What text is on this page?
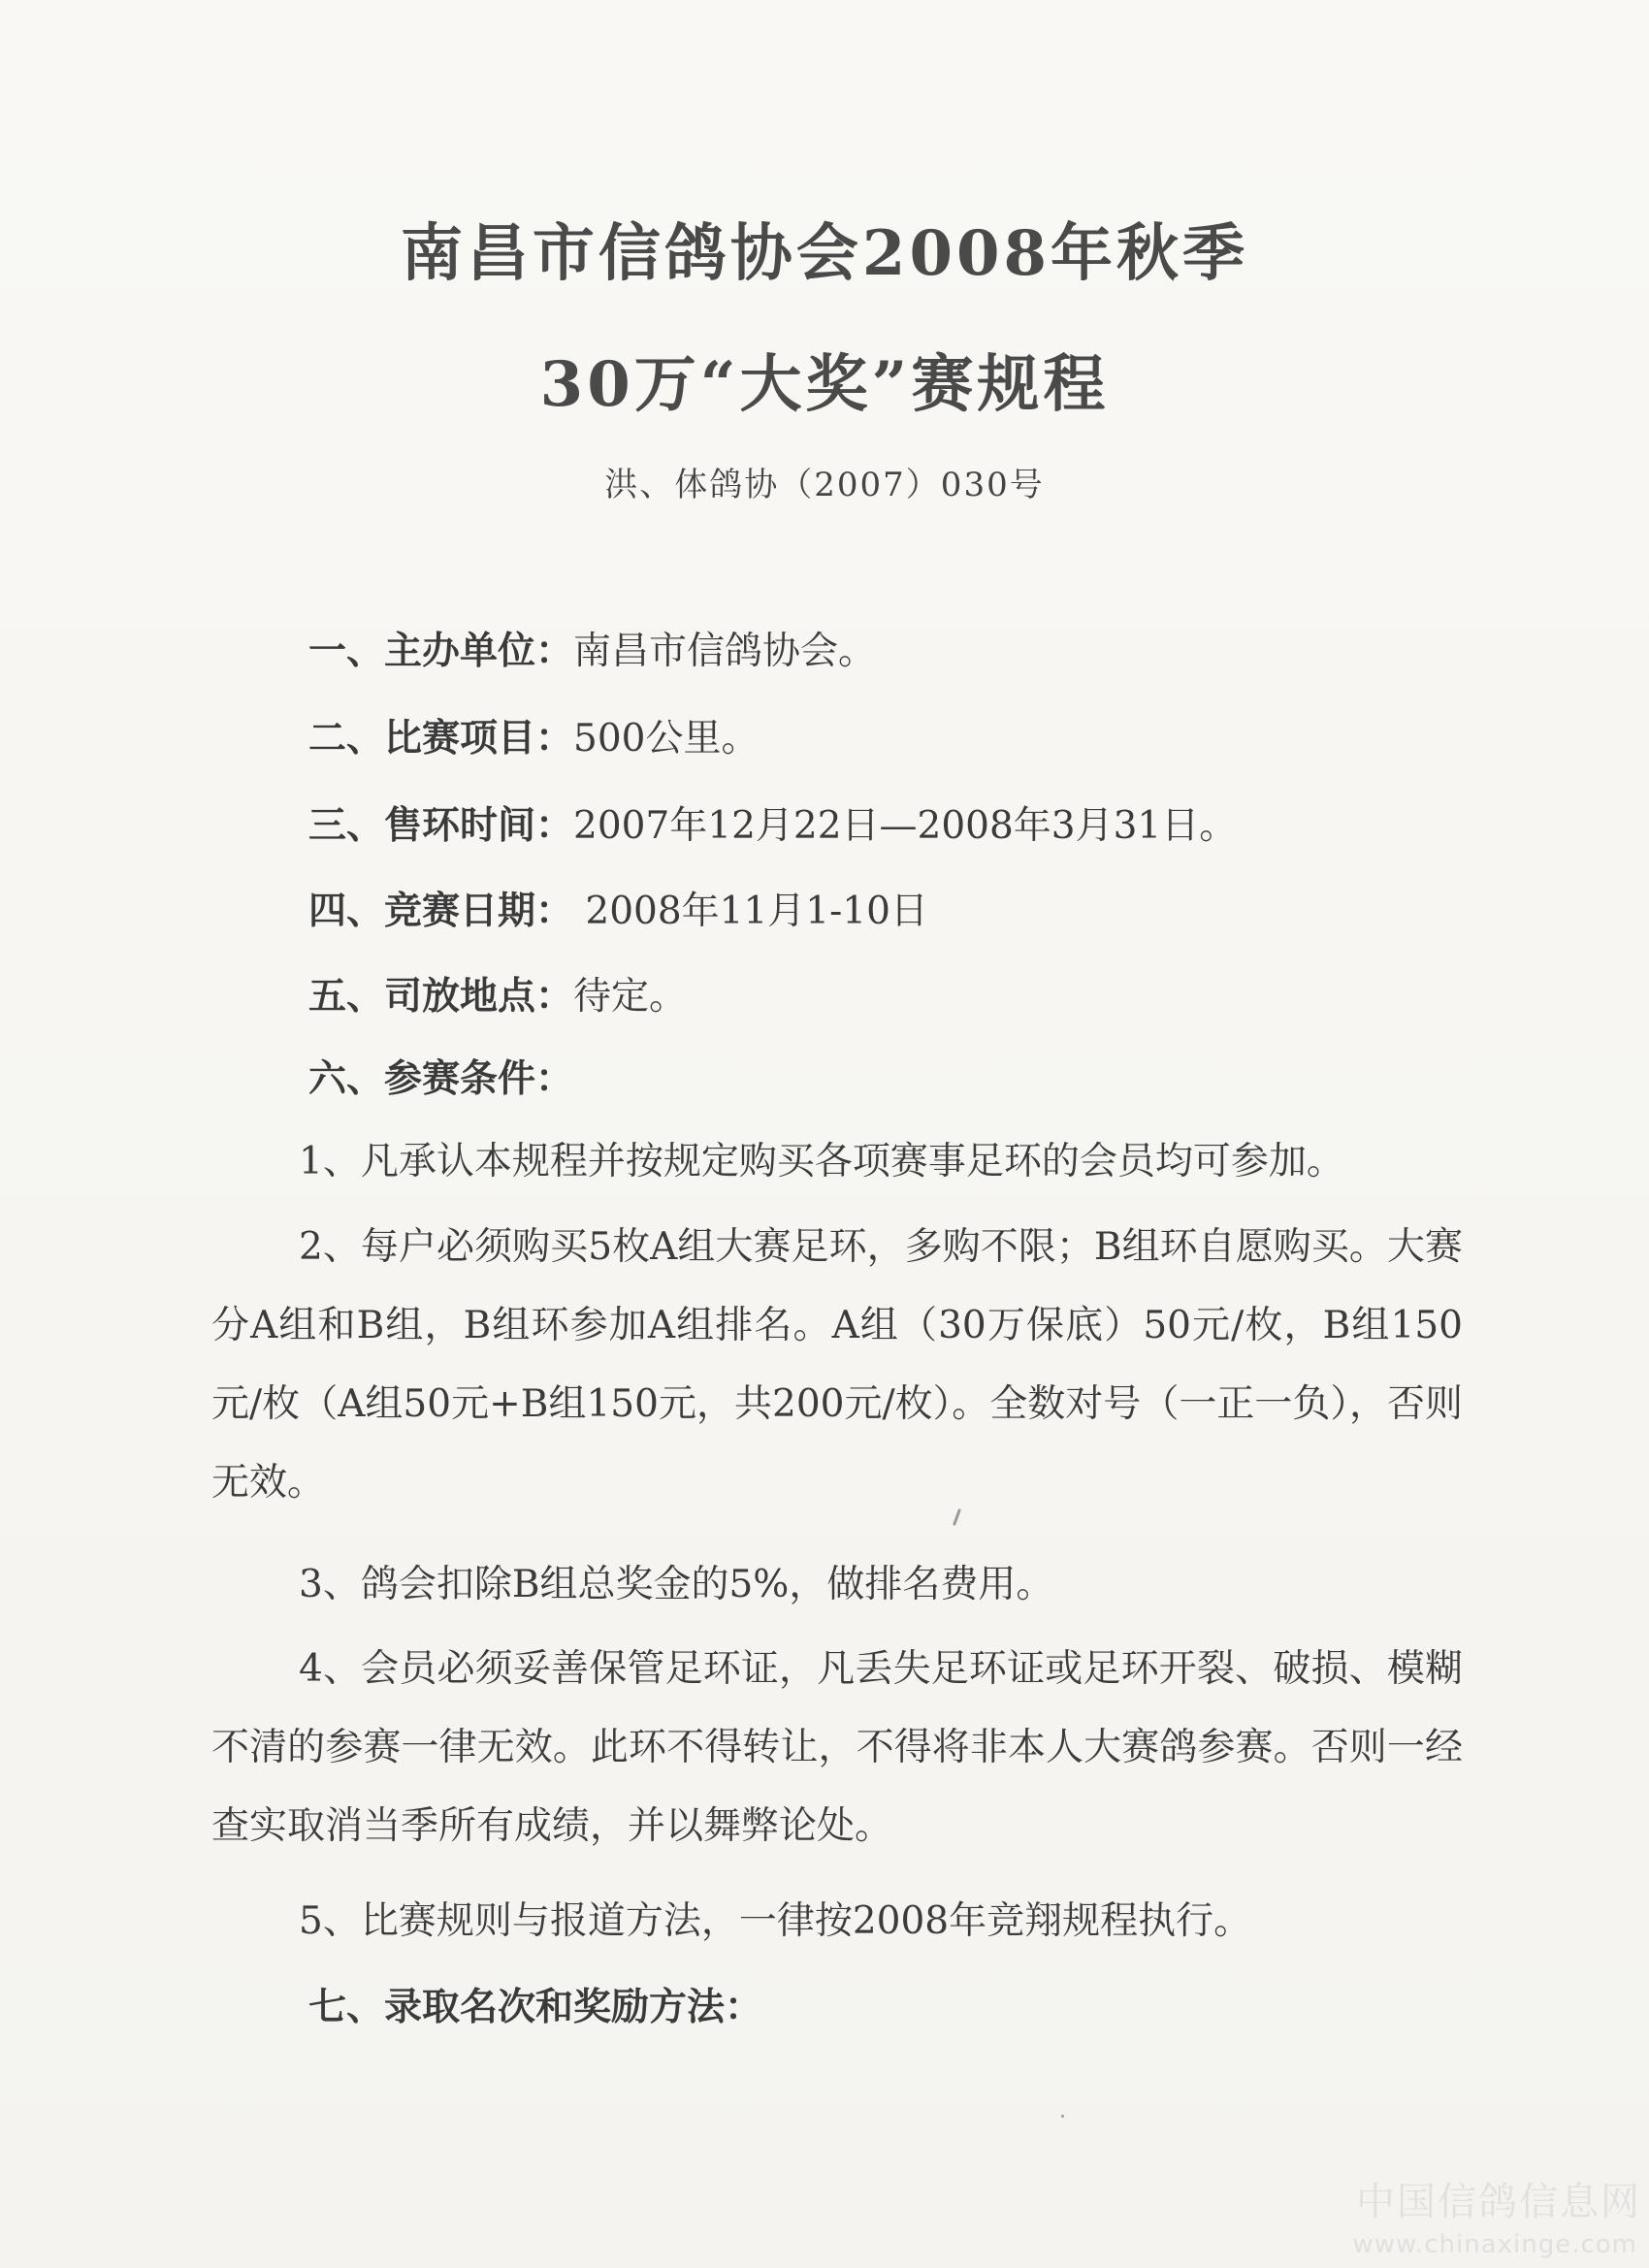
南昌市信鸽协会2008年秋季
30万“大奖”赛规程
洪、体鸽协（2007）030号
一、主办单位：南昌市信鸽协会。
二、比赛项目：500公里。
三、售环时间：2007年12月22日—2008年3月31日。
四、竞赛日期： 2008年11月1-10日
五、司放地点：待定。
六、参赛条件：
1、凡承认本规程并按规定购买各项赛事足环的会员均可参加。
2、每户必须购买5枚A组大赛足环，多购不限；B组环自愿购买。大赛分A组和B组，B组环参加A组排名。A组（30万保底）50元/枚，B组150元/枚（A组50元+B组150元，共200元/枚）。全数对号（一正一负），否则无效。
3、鸽会扣除B组总奖金的5%，做排名费用。
4、会员必须妥善保管足环证，凡丢失足环证或足环开裂、破损、模糊不清的参赛一律无效。此环不得转让，不得将非本人大赛鸽参赛。否则一经查实取消当季所有成绩，并以舞弊论处。
5、比赛规则与报道方法，一律按2008年竞翔规程执行。
七、录取名次和奖励方法：
中国信鸽信息网
www.chinaxinge.com
